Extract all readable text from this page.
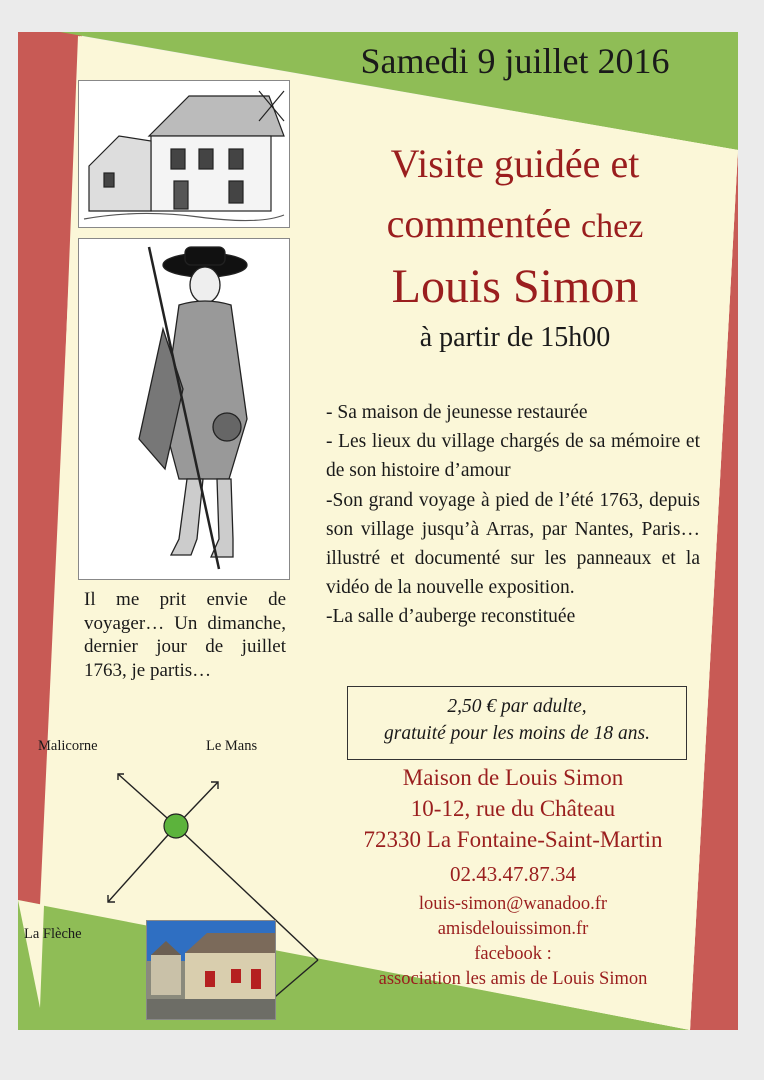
Samedi 9 juillet 2016
Visite guidée et
commentée chez
Louis Simon
à partir de 15h00

- Sa maison de jeunesse restaurée

- Les lieux du village chargés de sa mémoire et de son histoire d’amour

-Son grand voyage à pied de l’été 1763, depuis son village jusqu’à Arras, par Nantes, Paris… illustré et documenté sur les panneaux et la vidéo de la nouvelle exposition.

-La salle d’auberge reconstituée

Il me prit envie de voyager… Un dimanche, dernier jour de juillet 1763, je partis…
2,50 € par adulte,
gratuité pour les moins de 18 ans.
Maison de Louis Simon
10-12, rue du Château
72330 La Fontaine-Saint-Martin
02.43.47.87.34
louis-simon@wanadoo.fr
amisdelouissimon.fr
facebook :
association les amis de Louis Simon
Malicorne	Le Mans
La Flèche
